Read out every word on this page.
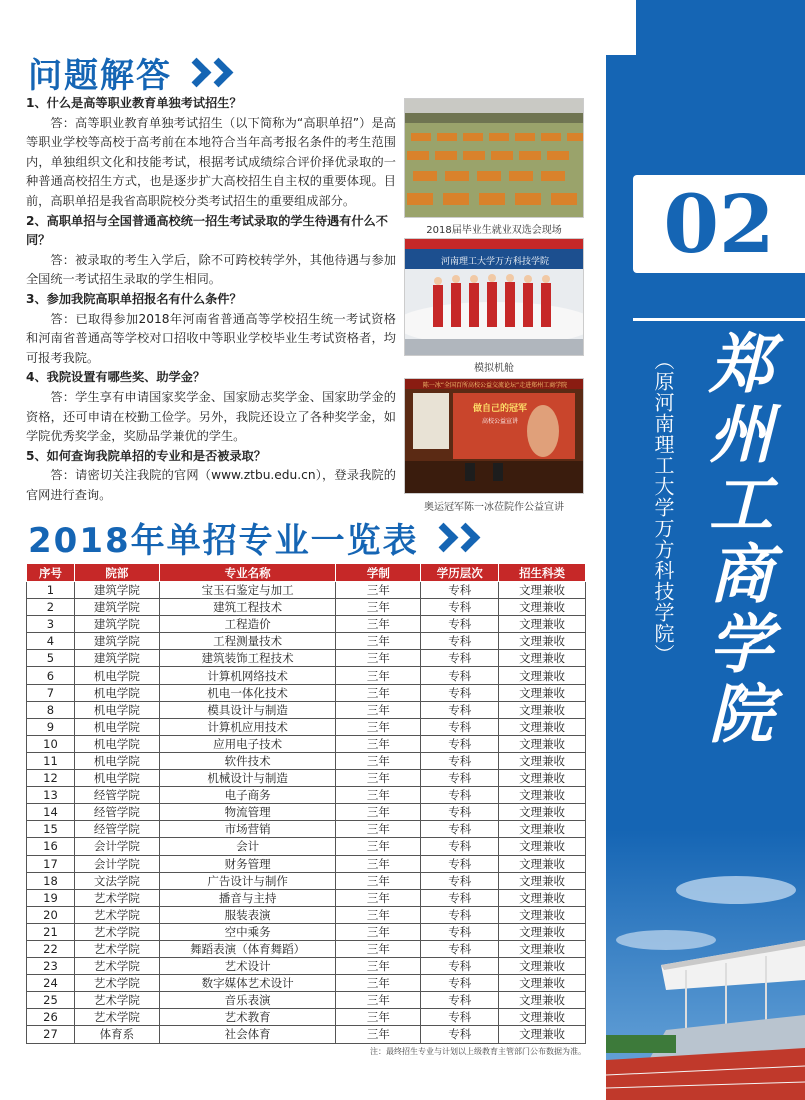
02
郑州工商学院
（原河南理工大学万方科技学院）
问题解答

1、什么是高等职业教育单独考试招生？

答：高等职业教育单独考试招生（以下简称为“高职单招”）是高等职业学校等高校于高考前在本地符合当年高考报名条件的考生范围内，单独组织文化和技能考试，根据考试成绩综合评价择优录取的一种普通高校招生方式，也是逐步扩大高校招生自主权的重要体现。目前，高职单招是我省高职院校分类考试招生的重要组成部分。

2、高职单招与全国普通高校统一招生考试录取的学生待遇有什么不同？

答：被录取的考生入学后，除不可跨校转学外，其他待遇与参加全国统一考试招生录取的学生相同。

3、参加我院高职单招报名有什么条件？

答：已取得参加2018年河南省普通高等学校招生统一考试资格和河南省普通高等学校对口招收中等职业学校毕业生考试资格者，均可报考我院。

4、我院设置有哪些奖、助学金？

答：学生享有申请国家奖学金、国家励志奖学金、国家助学金的资格，还可申请在校勤工俭学。另外，我院还设立了各种奖学金，如学院优秀奖学金，奖励品学兼优的学生。

5、如何查询我院单招的专业和是否被录取？

答：请密切关注我院的官网（www.ztbu.edu.cn），登录我院的官网进行查询。

2018届毕业生就业双选会现场
河南理工大学万方科技学院
模拟机舱
陈一冰“全国百所高校公益交流论坛”走进郑州工商学院
做自己的冠军
高校公益宣讲
奥运冠军陈一冰莅院作公益宣讲
2018年单招专业一览表
序号	院部	专业名称	学制	学历层次	招生科类
1	建筑学院	宝玉石鉴定与加工	三年	专科	文理兼收
2	建筑学院	建筑工程技术	三年	专科	文理兼收
3	建筑学院	工程造价	三年	专科	文理兼收
4	建筑学院	工程测量技术	三年	专科	文理兼收
5	建筑学院	建筑装饰工程技术	三年	专科	文理兼收
6	机电学院	计算机网络技术	三年	专科	文理兼收
7	机电学院	机电一体化技术	三年	专科	文理兼收
8	机电学院	模具设计与制造	三年	专科	文理兼收
9	机电学院	计算机应用技术	三年	专科	文理兼收
10	机电学院	应用电子技术	三年	专科	文理兼收
11	机电学院	软件技术	三年	专科	文理兼收
12	机电学院	机械设计与制造	三年	专科	文理兼收
13	经管学院	电子商务	三年	专科	文理兼收
14	经管学院	物流管理	三年	专科	文理兼收
15	经管学院	市场营销	三年	专科	文理兼收
16	会计学院	会计	三年	专科	文理兼收
17	会计学院	财务管理	三年	专科	文理兼收
18	文法学院	广告设计与制作	三年	专科	文理兼收
19	艺术学院	播音与主持	三年	专科	文理兼收
20	艺术学院	服装表演	三年	专科	文理兼收
21	艺术学院	空中乘务	三年	专科	文理兼收
22	艺术学院	舞蹈表演（体育舞蹈）	三年	专科	文理兼收
23	艺术学院	艺术设计	三年	专科	文理兼收
24	艺术学院	数字媒体艺术设计	三年	专科	文理兼收
25	艺术学院	音乐表演	三年	专科	文理兼收
26	艺术学院	艺术教育	三年	专科	文理兼收
27	体育系	社会体育	三年	专科	文理兼收
注：最终招生专业与计划以上级教育主管部门公布数据为准。
